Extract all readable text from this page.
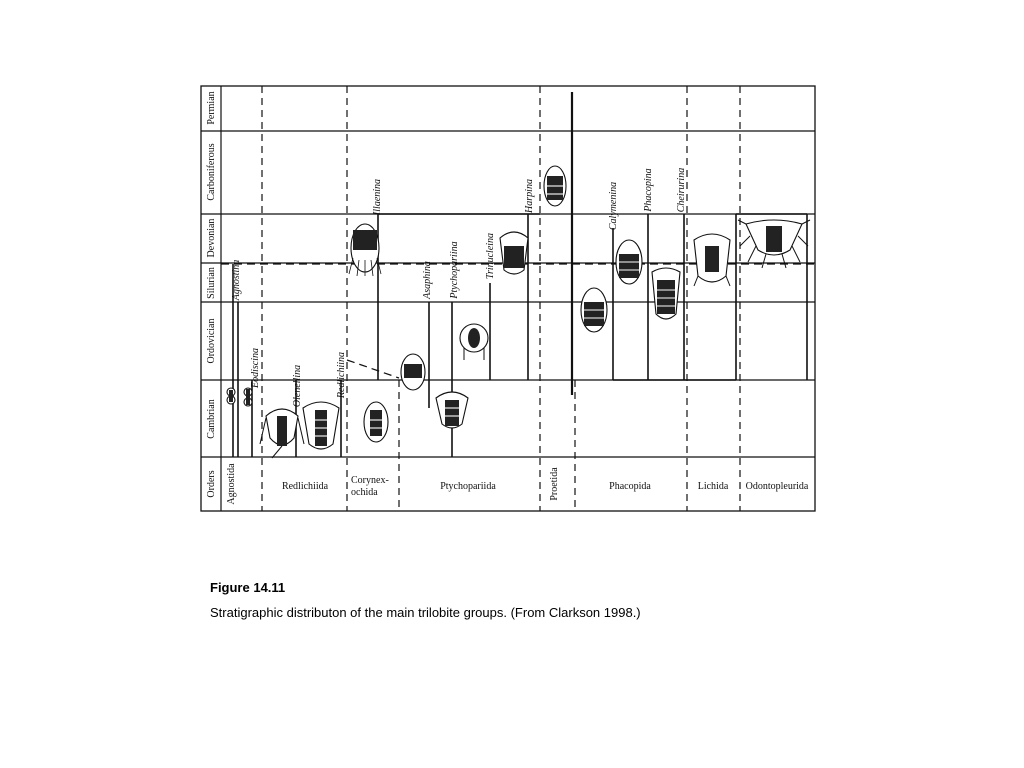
Permian
Carboniferous
Devonian
Silurian
Ordovician
Cambrian
Orders Agnostida	Redlichiida
Corynex-
ochida
Ptychopariida	Proetida	Phacopida	Lichida Odontopleurida
Agnostina
Eodiscina	Olenellina	Redlichiina
Illaenina
Asaphina Ptychopariina	Trinucleina
Harpina	Calymenina Phacopina Cheirurina

Figure 14.11

Stratigraphic distributon of the main trilobite groups. (From Clarkson 1998.)
